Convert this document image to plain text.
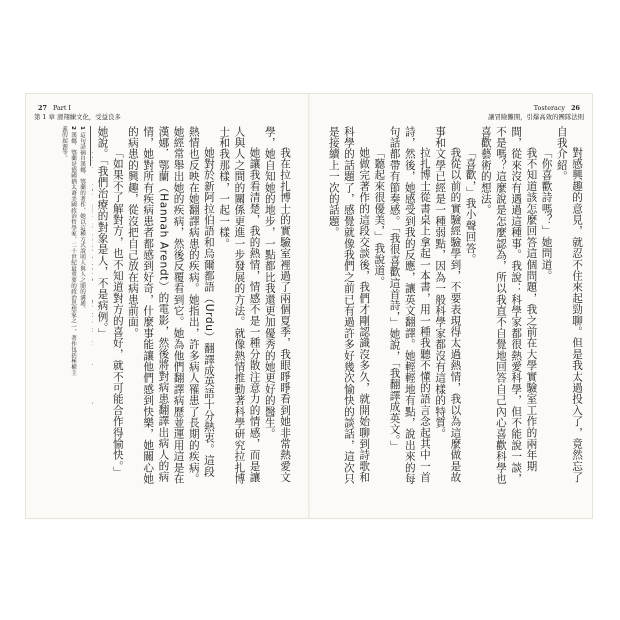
27 Part I
第 1 章 滑翔練文化，受益良多
Tosteracy 26
讓冒險攤開，引爆高效的團隊法則

對感興趣的意見，就忍不住來起勁聊。但是我太過投入了，竟然忘了自我介紹。

「你喜歡詩嗎？」她問道。

我不知道該怎麼回答這個問題，我之前在大學實驗室工作的兩年期間，從來沒有遇過這種事。我說：科學家都很熱愛科學，但不能說一談，不是嗎？這麼說是怎麼認為，所以我直不自覺地回答自己內心喜歡科學也喜歡藝術的想法。

「喜歡，」我小聲回答。

我從以前的實驗經驗學到，不要表現得太過熱情，我以為這麼做是故事和文學已經是一種弱點，因為一般科學家都沒有這樣的特質。

拉扎博士從書桌上拿起一本書，用一種我聽不懂的語言念起其中一首詩，然後，她感受到我的反應，讓英文翻譯。她輕輕地有點，說出來的每句話都帶有節奏感。「我很喜歡這首詩，」她說，「我翻譯成英文。」

「聽起來很優美，」我說道。

她做完著作的這段交談後，我們才剛認識沒多久，就開始聊到詩歌和科學的話題了，感覺就像我們之前已有過許多好幾次愉快的談話，這次只是接續上一次的話題。

我在拉扎博士的實驗室裡過了兩個夏季，我眼睜睜看到她非常熱愛文學，她自知她的地步，一點都比我還更加優秀的她更好的醫生。

她讓我看清楚，我的熱情，情感不是一種分散注意力的情感，而是讓人與人之間的關係更進一步發展的方法。就像熱情推動著科學研究拉扎博士和我那樣，一起一樣。

她對於新阿拉伯語和烏爾都語（Urdu）翻譯成英語十分熱衷。這段熱情也反映在她翻譯病患的疾病。她指出，許多病人罹患了長期的疾病。她經常舉出她的疾病，然後反覆看到它。她為他們翻譯病歷並運用這是在漢娜．鄂蘭（Hannah Arendt）的電影，然後將對病患翻譯出病人的病情，她對所有疾病患者都感到好奇，什麼事能讓他們感到快樂，她關心她的病患的興趣，從沒把自己放在病患前面。

「如果不了解對方，也不知道對方的喜好，就不可能合作得愉快。」她說。「我們治療的對象是人，不是病例。」

1 這句話摘自漢娜．鄂蘭的著作，她以這種方式說明人與人之間的溝通。

2 漢娜．鄂蘭是德國猶太裔美國政治哲學家，二十世紀最重要的政治思想家之一，著作包括極權主義的起源等。
